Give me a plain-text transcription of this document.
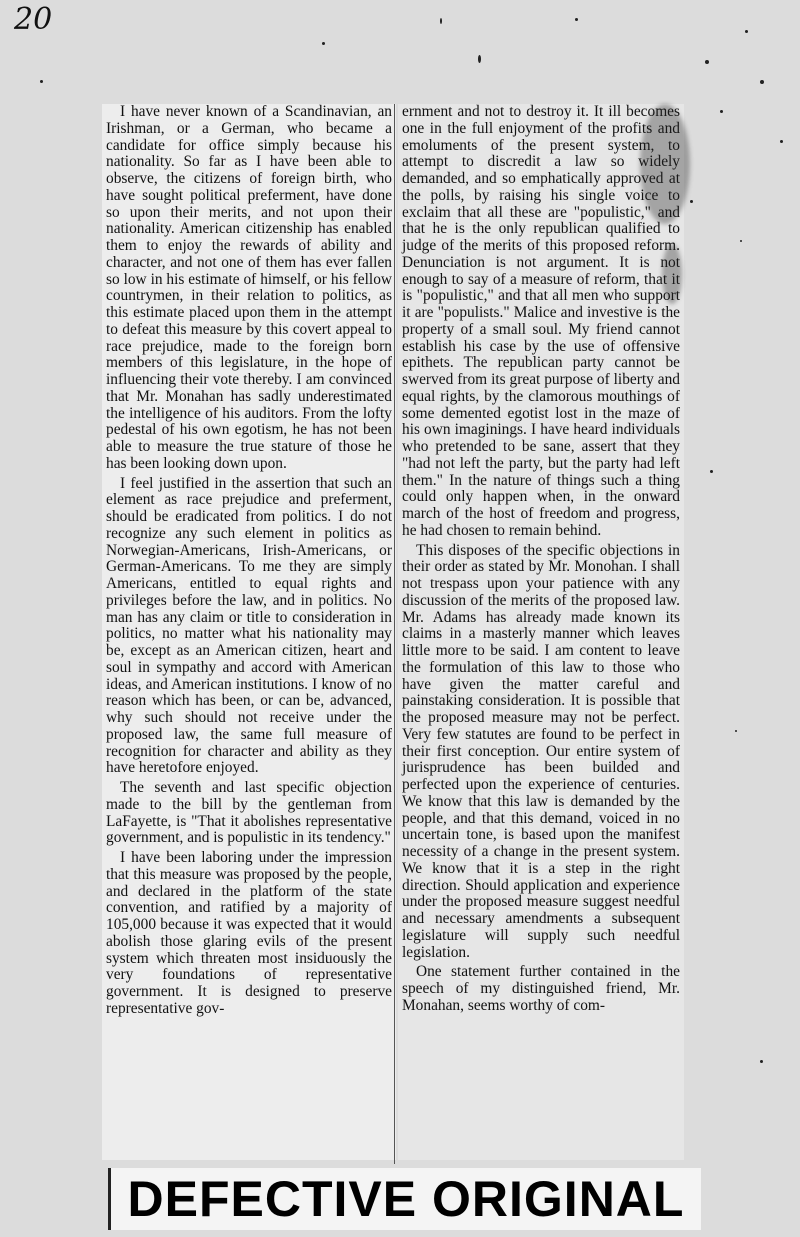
20

I have never known of a Scandinavian, an Irishman, or a German, who became a candidate for office simply because his nationality. So far as I have been able to observe, the citizens of foreign birth, who have sought political preferment, have done so upon their merits, and not upon their nationality. American citizenship has enabled them to enjoy the rewards of ability and character, and not one of them has ever fallen so low in his estimate of himself, or his fellow countrymen, in their relation to politics, as this estimate placed upon them in the attempt to defeat this measure by this covert appeal to race prejudice, made to the foreign born members of this legislature, in the hope of influencing their vote thereby. I am convinced that Mr. Monahan has sadly underestimated the intelligence of his auditors. From the lofty pedestal of his own egotism, he has not been able to measure the true stature of those he has been looking down upon.

I feel justified in the assertion that such an element as race prejudice and preferment, should be eradicated from politics. I do not recognize any such element in politics as Norwegian-Americans, Irish-Americans, or German-Americans. To me they are simply Americans, entitled to equal rights and privileges before the law, and in politics. No man has any claim or title to consideration in politics, no matter what his nationality may be, except as an American citizen, heart and soul in sympathy and accord with American ideas, and American institutions. I know of no reason which has been, or can be, advanced, why such should not receive under the proposed law, the same full measure of recognition for character and ability as they have heretofore enjoyed.

The seventh and last specific objection made to the bill by the gentleman from LaFayette, is "That it abolishes representative government, and is populistic in its tendency."

I have been laboring under the impression that this measure was proposed by the people, and declared in the platform of the state convention, and ratified by a majority of 105,000 because it was expected that it would abolish those glaring evils of the present system which threaten most insiduously the very foundations of representative government. It is designed to preserve representative gov-

ernment and not to destroy it. It ill becomes one in the full enjoyment of the profits and emoluments of the present system, to attempt to discredit a law so widely demanded, and so emphatically approved at the polls, by raising his single voice to exclaim that all these are "populistic," and that he is the only republican qualified to judge of the merits of this proposed reform. Denunciation is not argument. It is not enough to say of a measure of reform, that it is "populistic," and that all men who support it are "populists." Malice and investive is the property of a small soul. My friend cannot establish his case by the use of offensive epithets. The republican party cannot be swerved from its great purpose of liberty and equal rights, by the clamorous mouthings of some demented egotist lost in the maze of his own imaginings. I have heard individuals who pretended to be sane, assert that they "had not left the party, but the party had left them." In the nature of things such a thing could only happen when, in the onward march of the host of freedom and progress, he had chosen to remain behind.

This disposes of the specific objections in their order as stated by Mr. Monohan. I shall not trespass upon your patience with any discussion of the merits of the proposed law. Mr. Adams has already made known its claims in a masterly manner which leaves little more to be said. I am content to leave the formulation of this law to those who have given the matter careful and painstaking consideration. It is possible that the proposed measure may not be perfect. Very few statutes are found to be perfect in their first conception. Our entire system of jurisprudence has been builded and perfected upon the experience of centuries. We know that this law is demanded by the people, and that this demand, voiced in no uncertain tone, is based upon the manifest necessity of a change in the present system. We know that it is a step in the right direction. Should application and experience under the proposed measure suggest needful and necessary amendments a subsequent legislature will supply such needful legislation.

One statement further contained in the speech of my distinguished friend, Mr. Monahan, seems worthy of com-

DEFECTIVE ORIGINAL
